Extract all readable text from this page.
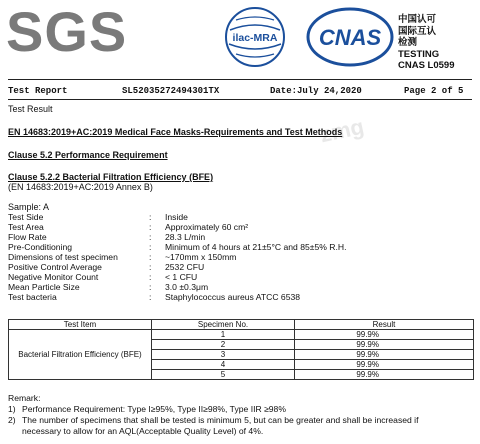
SGS	ilac-MRA CNAS
中国认可
国际互认
检测
TESTING
CNAS L0599
zmg
Test Report	SL52035272494301TX	Date:July 24,2020	Page 2 of 5
Test Result
EN 14683:2019+AC:2019 Medical Face Masks-Requirements and Test Methods
Clause 5.2 Performance Requirement
Clause 5.2.2 Bacterial Filtration Efficiency (BFE)
(EN 14683:2019+AC:2019 Annex B)
Sample: A
Test Side	: Inside
Test Area	: Approximately 60 cm²
Flow Rate	: 28.3 L/min
Pre-Conditioning	: Minimum of 4 hours at 21±5°C and 85±5% R.H.
Dimensions of test specimen	: ~170mm x 150mm
Positive Control Average	: 2532 CFU
Negative Monitor Count	: < 1 CFU
Mean Particle Size	: 3.0 ±0.3μm
Test bacteria	: Staphylococcus aureus ATCC 6538
Test Item	Specimen No.	Result
Bacterial Filtration Efficiency (BFE)	1	99.9%
	2	99.9%
	3	99.9%
	4	99.9%
	5	99.9%
Remark:
1) Performance Requirement: Type I≥95%, Type II≥98%, Type IIR ≥98%
2) The number of specimens that shall be tested is minimum 5, but can be greater and shall be increased if
necessary to allow for an AQL(Acceptable Quality Level) of 4%.
